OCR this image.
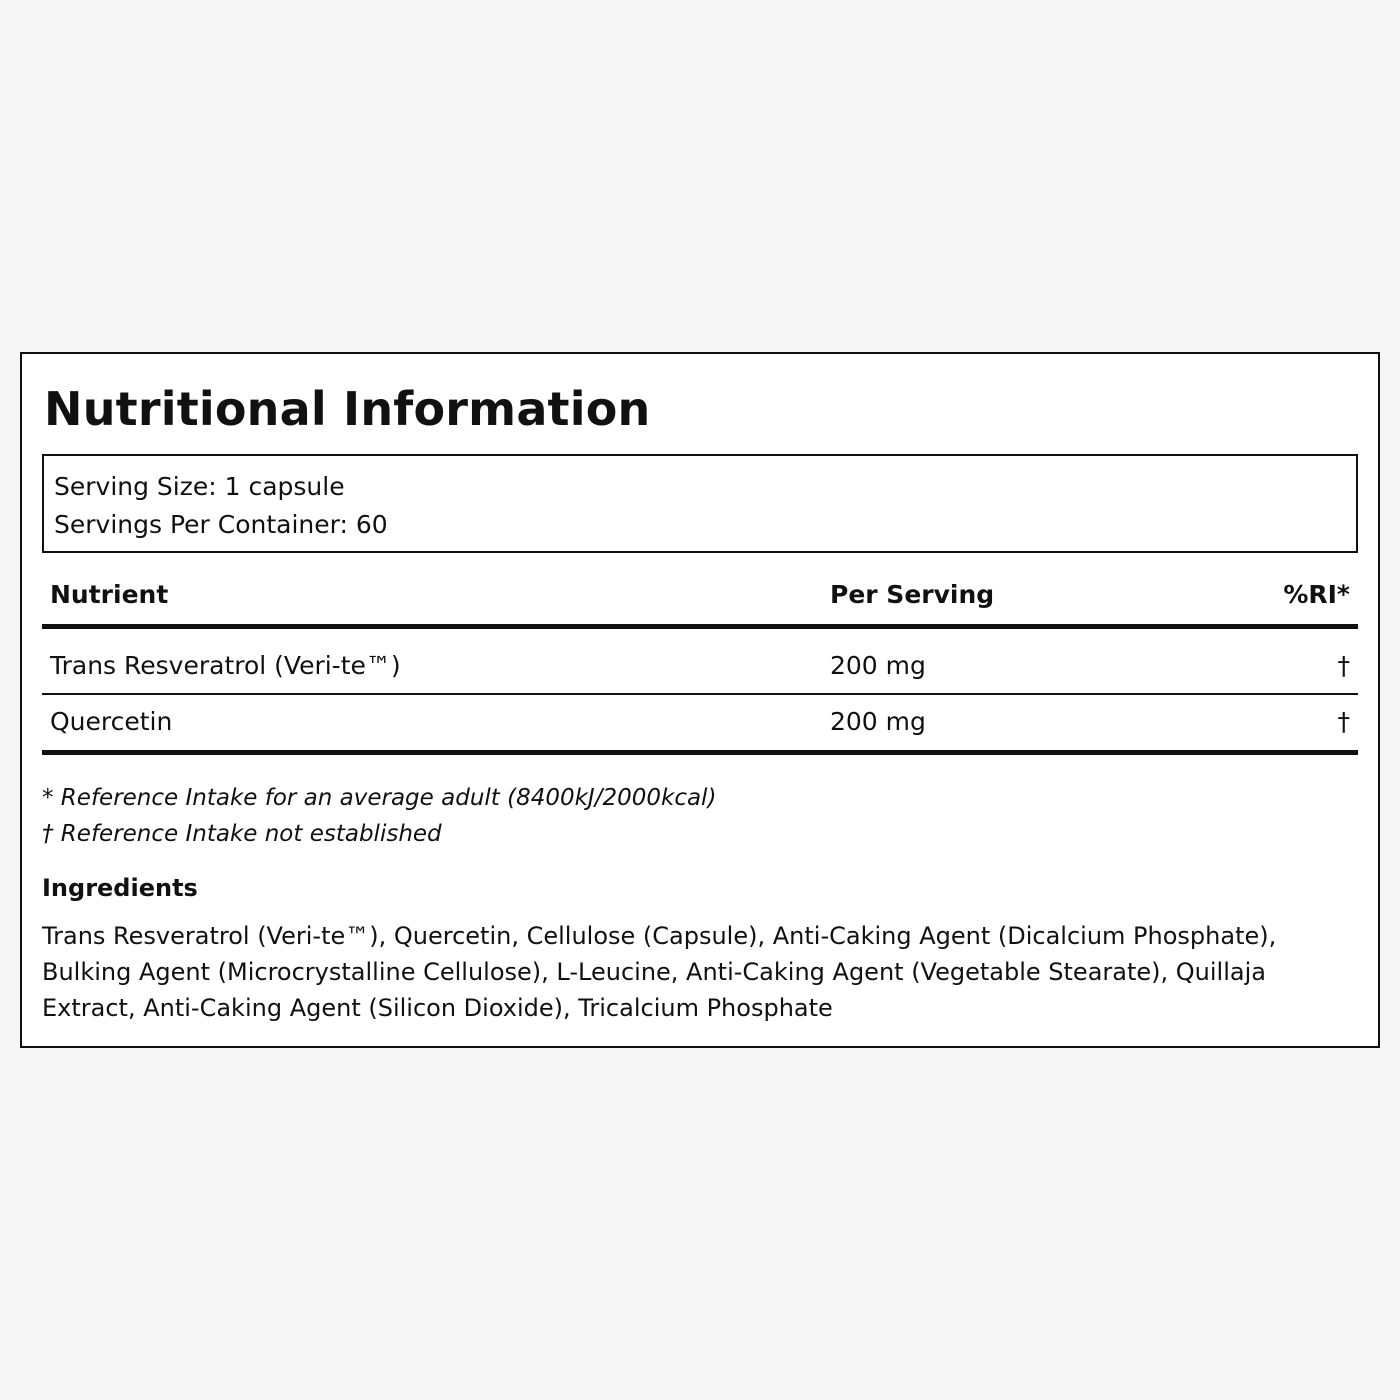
Nutritional Information
Serving Size: 1 capsule
Servings Per Container: 60
Nutrient	Per Serving	%RI*
Trans Resveratrol (Veri-te™)	200 mg	†
Quercetin	200 mg	†
* Reference Intake for an average adult (8400kJ/2000kcal)
† Reference Intake not established
Ingredients

Trans Resveratrol (Veri-te™), Quercetin, Cellulose (Capsule), Anti-Caking Agent (Dicalcium Phosphate), Bulking Agent (Microcrystalline Cellulose), L-Leucine, Anti-Caking Agent (Vegetable Stearate), Quillaja Extract, Anti-Caking Agent (Silicon Dioxide), Tricalcium Phosphate
